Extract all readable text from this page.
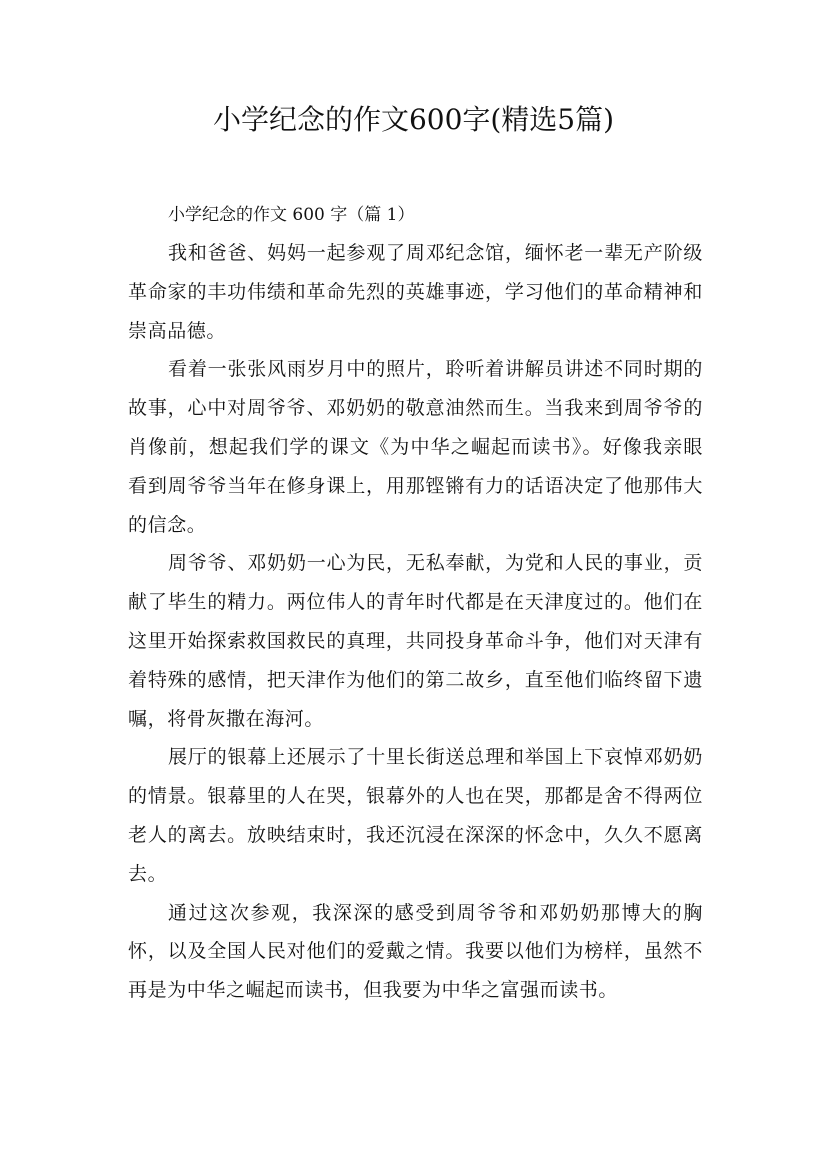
小学纪念的作文600字(精选5篇)

小学纪念的作文 600 字（篇 1）

我和爸爸、妈妈一起参观了周邓纪念馆，缅怀老一辈无产阶级革命家的丰功伟绩和革命先烈的英雄事迹，学习他们的革命精神和崇高品德。

看着一张张风雨岁月中的照片，聆听着讲解员讲述不同时期的故事，心中对周爷爷、邓奶奶的敬意油然而生。当我来到周爷爷的肖像前，想起我们学的课文《为中华之崛起而读书》。好像我亲眼看到周爷爷当年在修身课上，用那铿锵有力的话语决定了他那伟大的信念。

周爷爷、邓奶奶一心为民，无私奉献，为党和人民的事业，贡献了毕生的精力。两位伟人的青年时代都是在天津度过的。他们在这里开始探索救国救民的真理，共同投身革命斗争，他们对天津有着特殊的感情，把天津作为他们的第二故乡，直至他们临终留下遗嘱，将骨灰撒在海河。

展厅的银幕上还展示了十里长街送总理和举国上下哀悼邓奶奶的情景。银幕里的人在哭，银幕外的人也在哭，那都是舍不得两位老人的离去。放映结束时，我还沉浸在深深的怀念中，久久不愿离去。

通过这次参观，我深深的感受到周爷爷和邓奶奶那博大的胸怀，以及全国人民对他们的爱戴之情。我要以他们为榜样，虽然不再是为中华之崛起而读书，但我要为中华之富强而读书。
